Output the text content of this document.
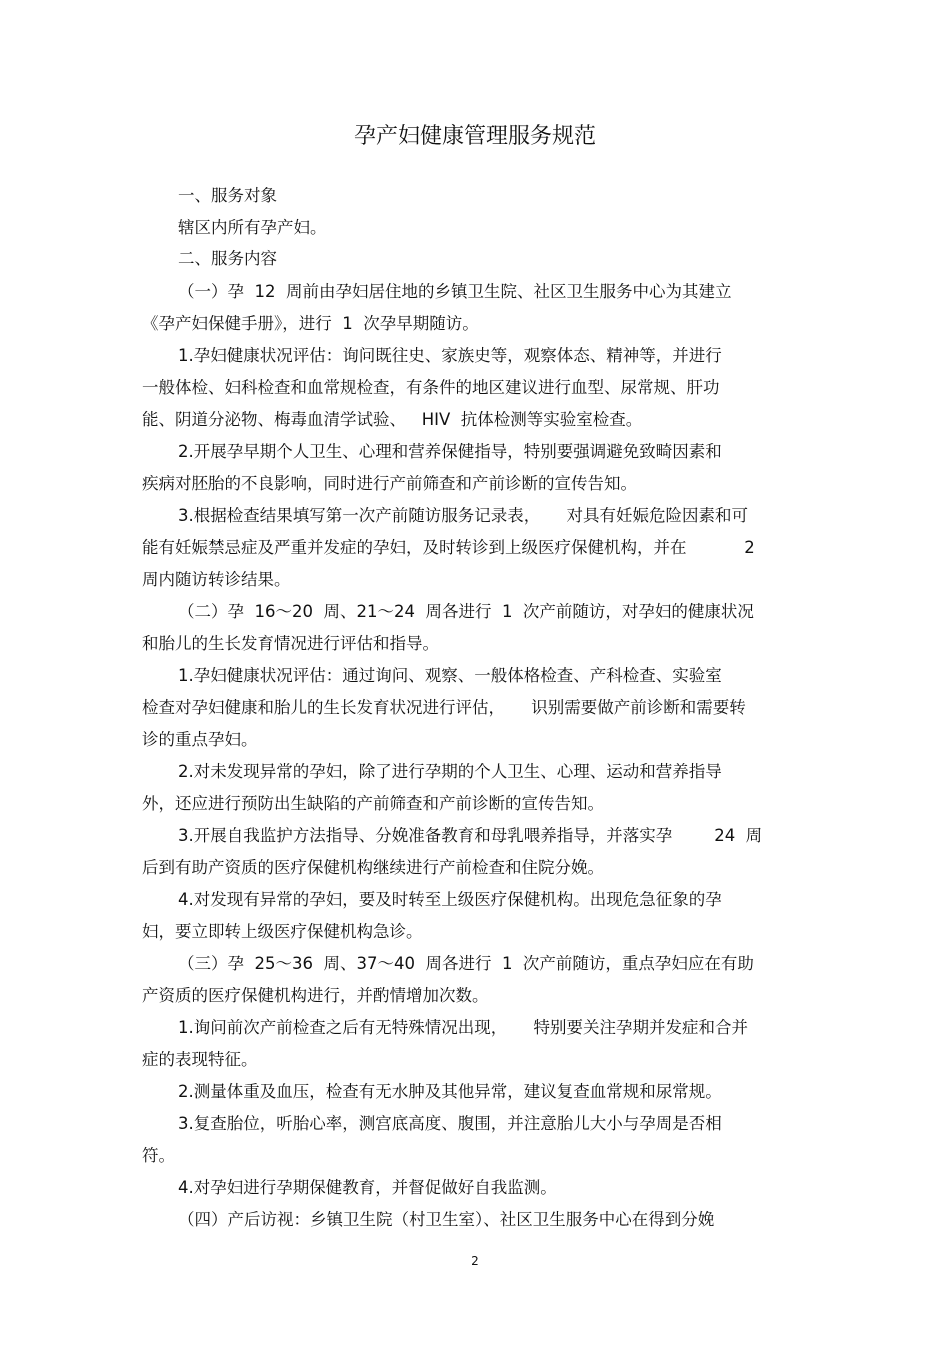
孕产妇健康管理服务规范
一、服务对象
辖区内所有孕产妇。
二、服务内容
（一）孕  12  周前由孕妇居住地的乡镇卫生院、社区卫生服务中心为其建立
《孕产妇保健手册》，进行  1  次孕早期随访。
1.孕妇健康状况评估：询问既往史、家族史等，观察体态、精神等，并进行
一般体检、妇科检查和血常规检查，有条件的地区建议进行血型、尿常规、肝功
能、阴道分泌物、梅毒血清学试验、   HIV  抗体检测等实验室检查。
2.开展孕早期个人卫生、心理和营养保健指导，特别要强调避免致畸因素和
疾病对胚胎的不良影响，同时进行产前筛查和产前诊断的宣传告知。
3.根据检查结果填写第一次产前随访服务记录表，     对具有妊娠危险因素和可
能有妊娠禁忌症及严重并发症的孕妇，及时转诊到上级医疗保健机构，并在           2
周内随访转诊结果。
（二）孕  16～20  周、21～24  周各进行  1  次产前随访，对孕妇的健康状况
和胎儿的生长发育情况进行评估和指导。
1.孕妇健康状况评估：通过询问、观察、一般体格检查、产科检查、实验室
检查对孕妇健康和胎儿的生长发育状况进行评估，     识别需要做产前诊断和需要转
诊的重点孕妇。
2.对未发现异常的孕妇，除了进行孕期的个人卫生、心理、运动和营养指导
外，还应进行预防出生缺陷的产前筛查和产前诊断的宣传告知。
3.开展自我监护方法指导、分娩准备教育和母乳喂养指导，并落实孕        24  周
后到有助产资质的医疗保健机构继续进行产前检查和住院分娩。
4.对发现有异常的孕妇，要及时转至上级医疗保健机构。出现危急征象的孕
妇，要立即转上级医疗保健机构急诊。
（三）孕  25～36  周、37～40  周各进行  1  次产前随访，重点孕妇应在有助
产资质的医疗保健机构进行，并酌情增加次数。
1.询问前次产前检查之后有无特殊情况出现，     特别要关注孕期并发症和合并
症的表现特征。
2.测量体重及血压，检查有无水肿及其他异常，建议复查血常规和尿常规。
3.复查胎位，听胎心率，测宫底高度、腹围，并注意胎儿大小与孕周是否相
符。
4.对孕妇进行孕期保健教育，并督促做好自我监测。
（四）产后访视：乡镇卫生院（村卫生室）、社区卫生服务中心在得到分娩
2
